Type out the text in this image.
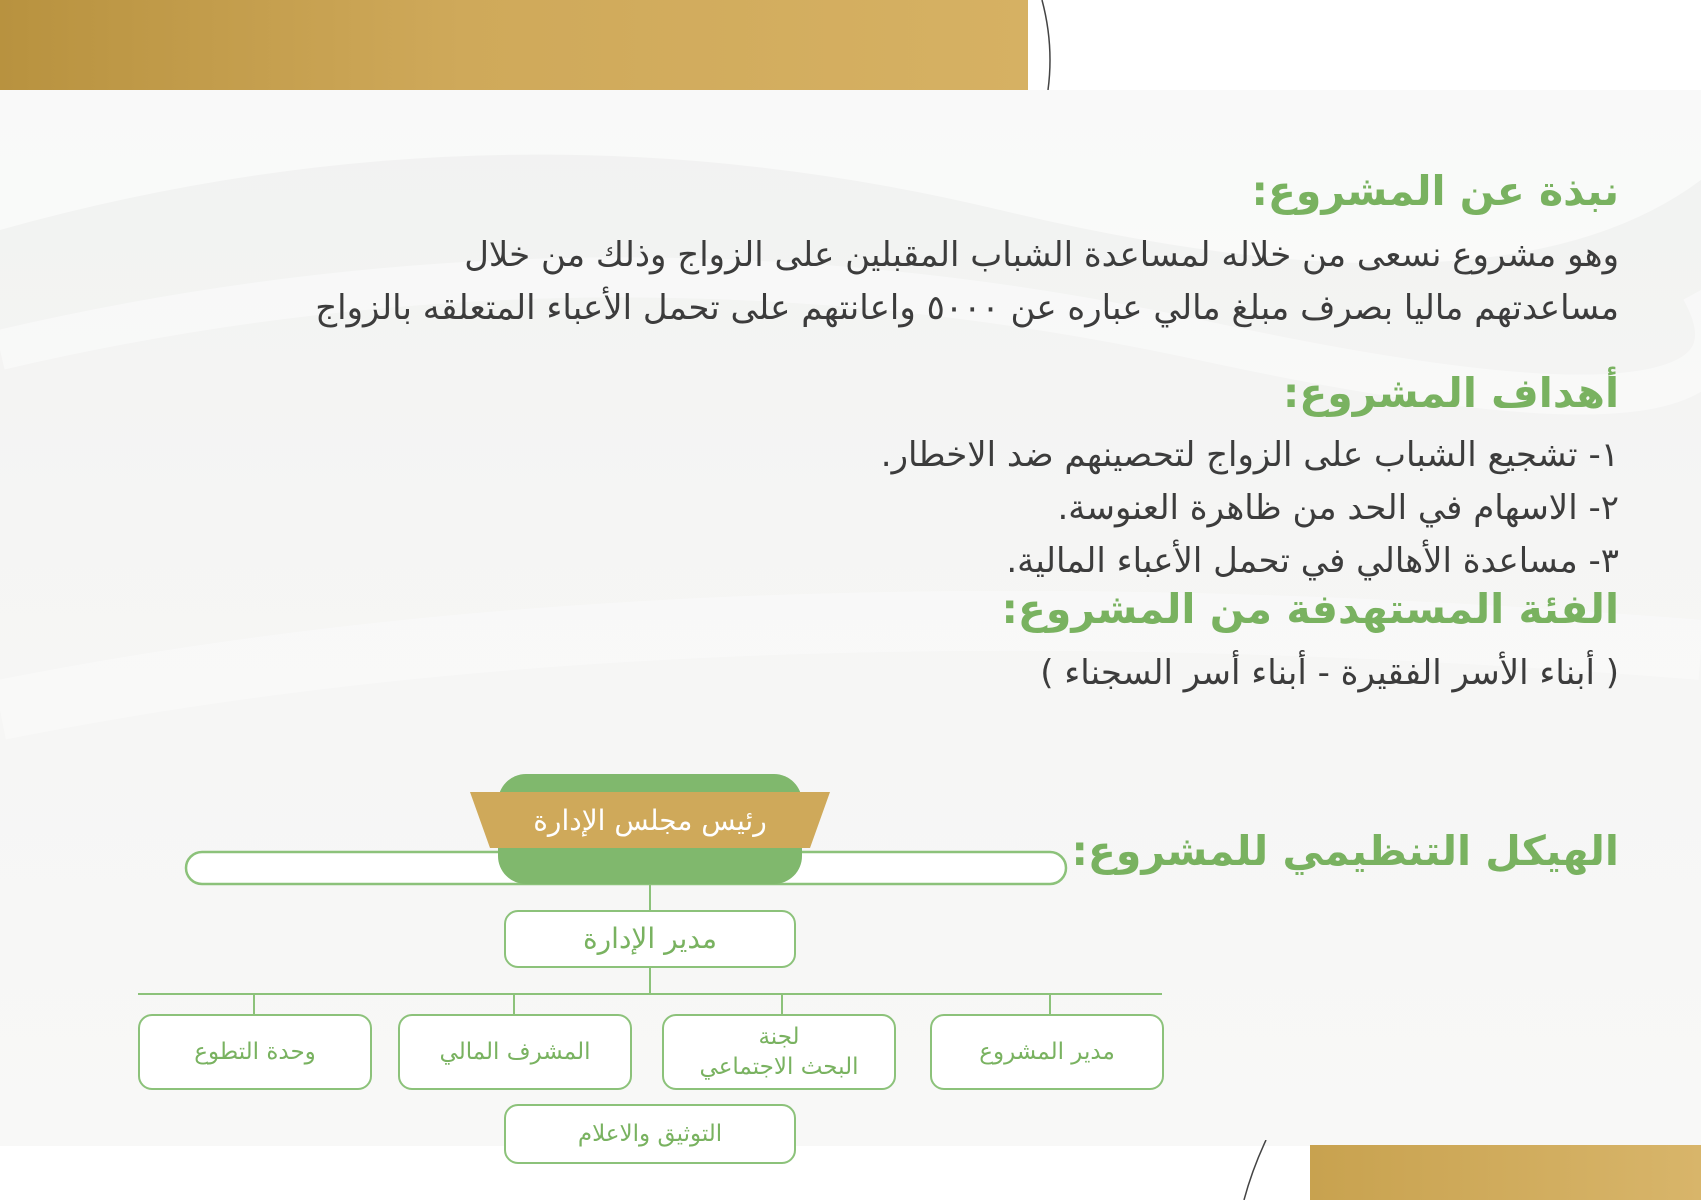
نبذة عن المشروع:

وهو مشروع نسعى من خلاله لمساعدة الشباب المقبلين على الزواج وذلك من خلال

مساعدتهم ماليا بصرف مبلغ مالي عباره عن ٥٠٠٠ واعانتهم على تحمل الأعباء المتعلقه بالزواج

أهداف المشروع:
١- تشجيع الشباب على الزواج لتحصينهم ضد الاخطار.
٢- الاسهام في الحد من ظاهرة العنوسة.
٣- مساعدة الأهالي في تحمل الأعباء المالية.
الفئة المستهدفة من المشروع:

( أبناء الأسر الفقيرة - أبناء أسر السجناء )

الهيكل التنظيمي للمشروع:
رئيس مجلس الإدارة
مدير الإدارة
مدير المشروع
لجنة
البحث الاجتماعي
المشرف المالي
وحدة التطوع
التوثيق والاعلام
